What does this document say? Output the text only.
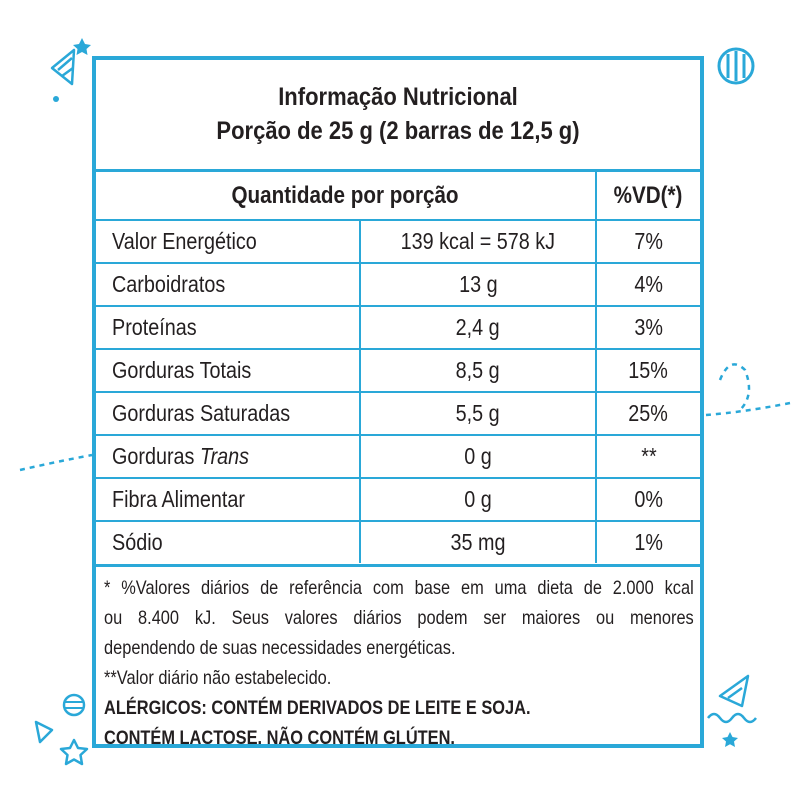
Informação Nutricional
Porção de 25 g (2 barras de 12,5 g)
Quantidade por porção		%VD(*)
Valor Energético	139 kcal = 578 kJ	7%
Carboidratos	13 g	4%
Proteínas	2,4 g	3%
Gorduras Totais	8,5 g	15%
Gorduras Saturadas	5,5 g	25%
Gorduras Trans	0 g	**
Fibra Alimentar	0 g	0%
Sódio	35 mg	1%
* %Valores diários de referência com base em uma dieta de 2.000 kcal
ou 8.400 kJ. Seus valores diários podem ser maiores ou menores
dependendo de suas necessidades energéticas.
**Valor diário não estabelecido.
ALÉRGICOS: CONTÉM DERIVADOS DE LEITE E SOJA.
CONTÉM LACTOSE. NÃO CONTÉM GLÚTEN.
